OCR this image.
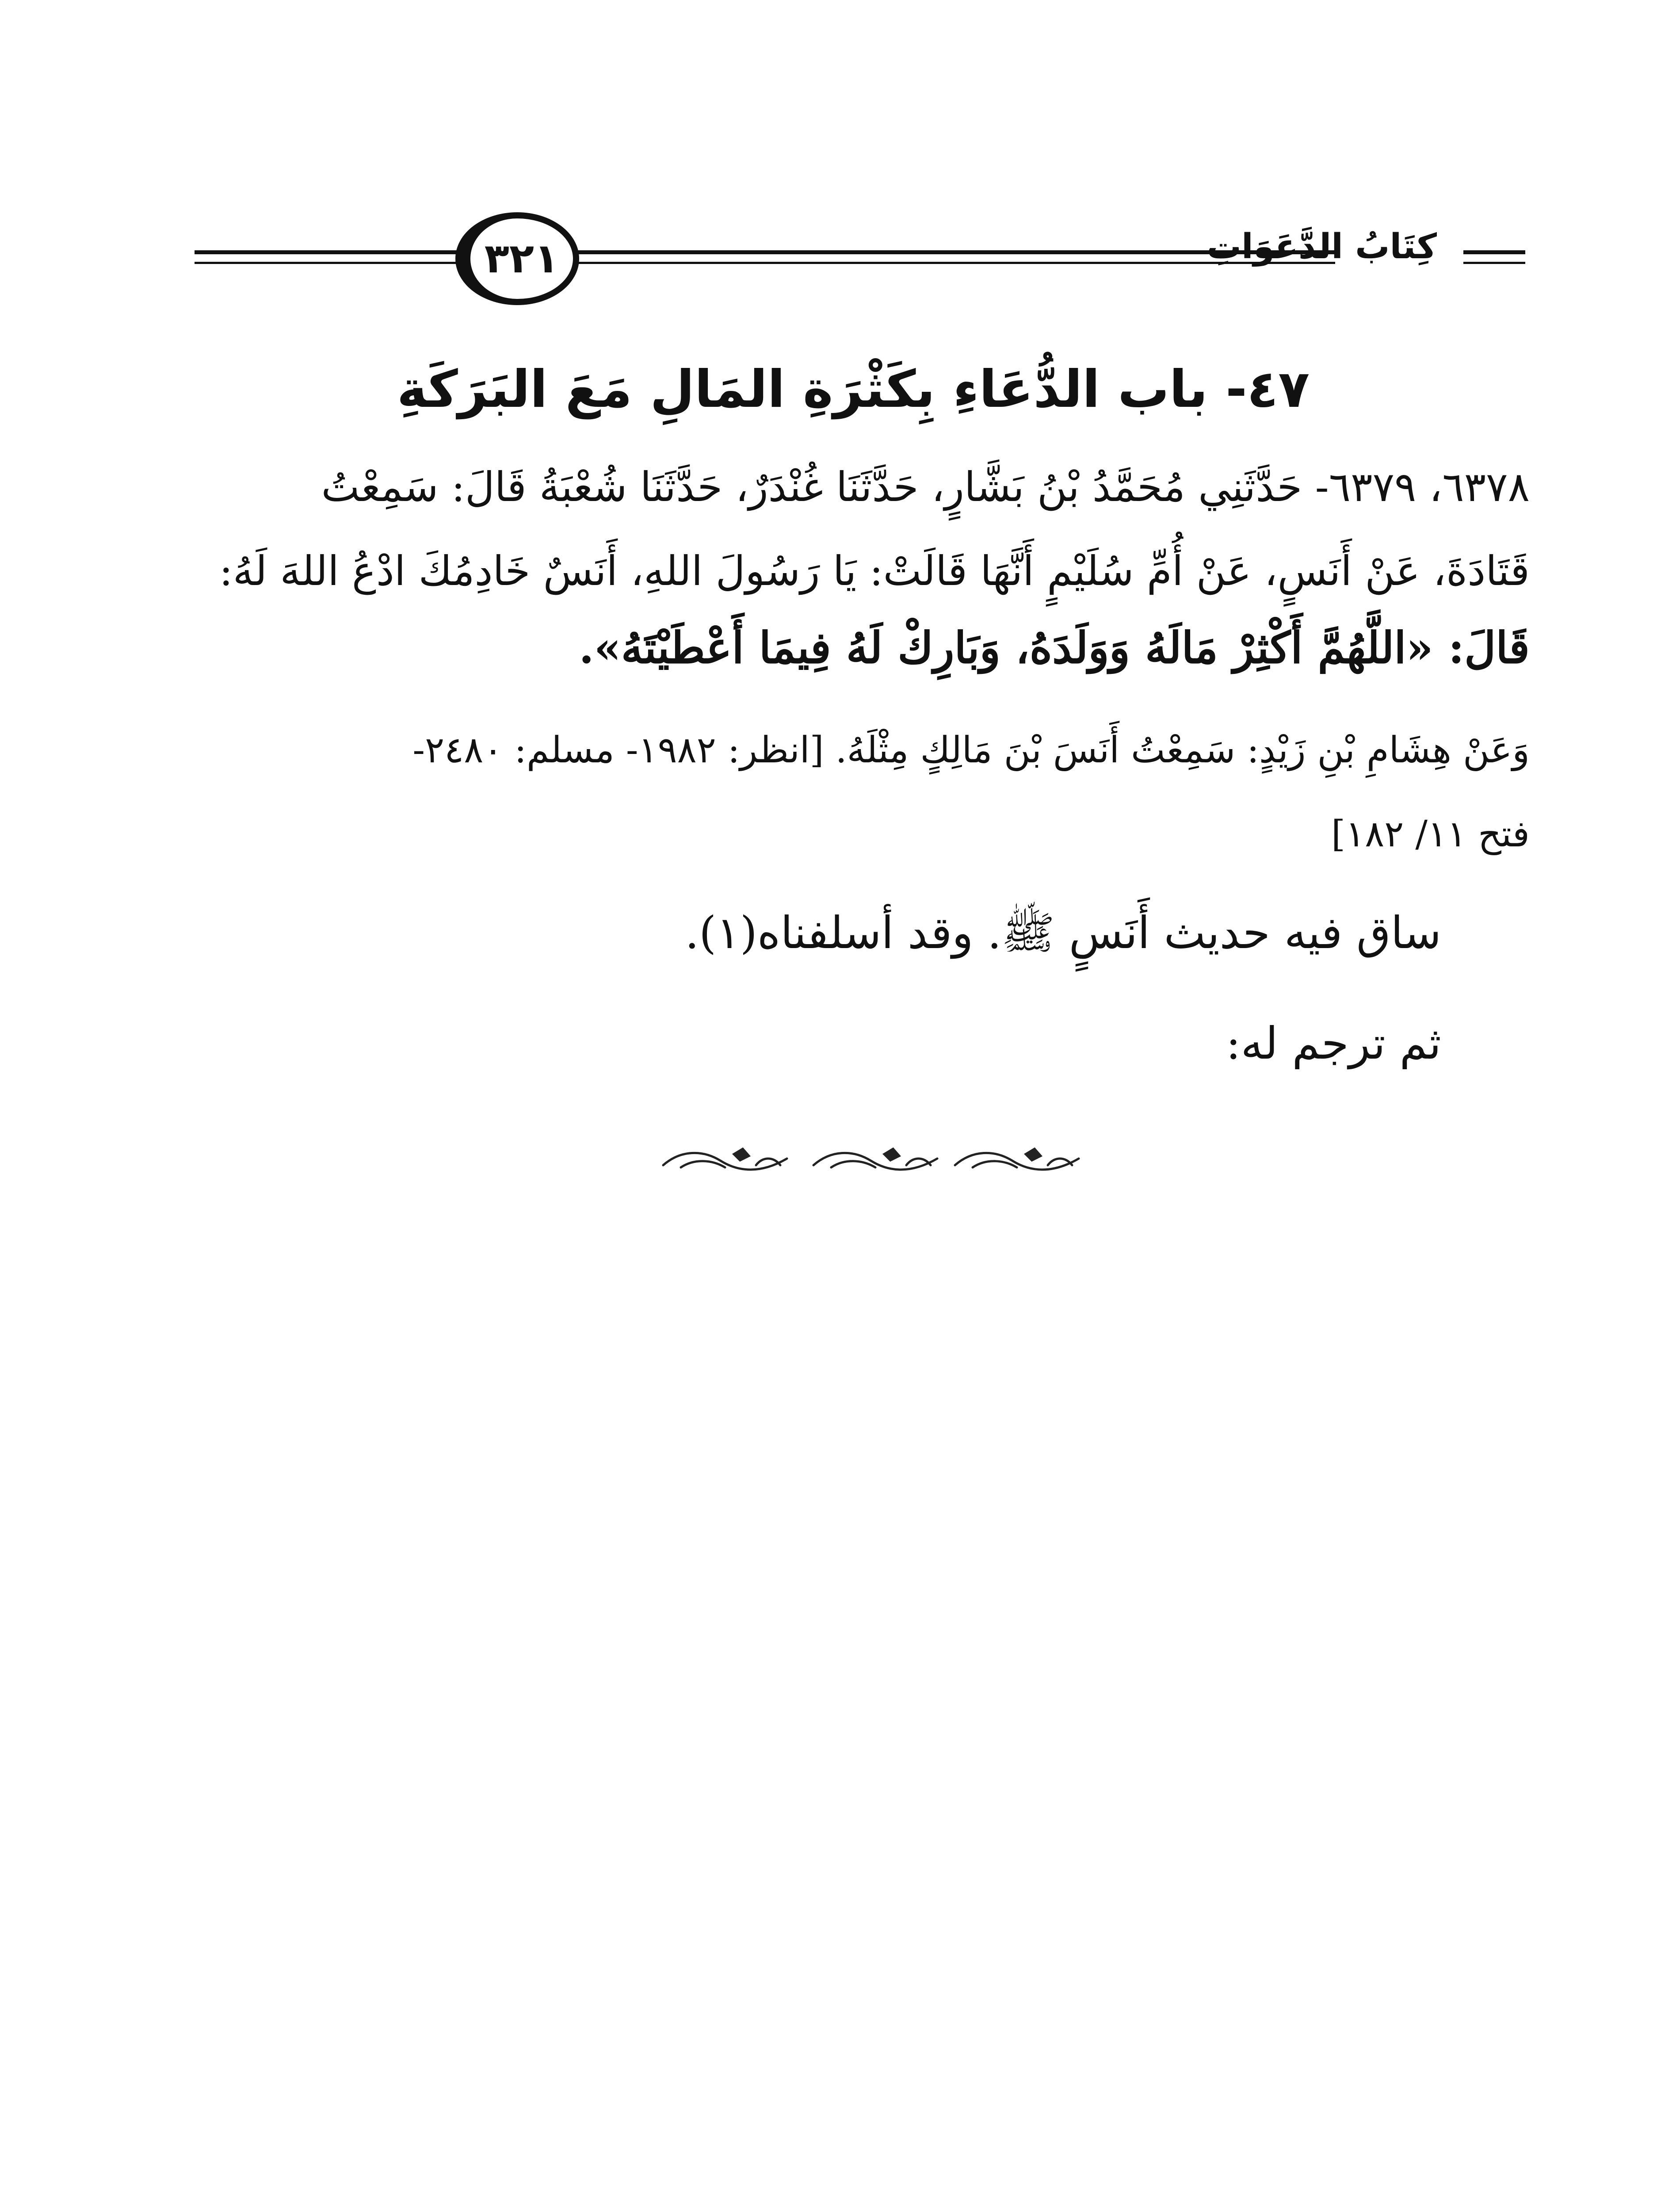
٣٢١	كِتَابُ الدَّعَوَاتِ
٤٧- باب الدُّعَاءِ بِكَثْرَةِ المَالِ مَعَ البَرَكَةِ
٦٣٧٨، ٦٣٧٩- حَدَّثَنِي مُحَمَّدُ بْنُ بَشَّارٍ، حَدَّثَنَا غُنْدَرٌ، حَدَّثَنَا شُعْبَةُ قَالَ: سَمِعْتُ
قَتَادَةَ، عَنْ أَنَسٍ، عَنْ أُمِّ سُلَيْمٍ أَنَّهَا قَالَتْ: يَا رَسُولَ اللهِ، أَنَسٌ خَادِمُكَ ادْعُ اللهَ لَهُ:
قَالَ: «اللَّهُمَّ أَكْثِرْ مَالَهُ وَوَلَدَهُ، وَبَارِكْ لَهُ فِيمَا أَعْطَيْتَهُ».
وَعَنْ هِشَامِ بْنِ زَيْدٍ: سَمِعْتُ أَنَسَ بْنَ مَالِكٍ مِثْلَهُ. [انظر: ١٩٨٢- مسلم: ٢٤٨٠-
فتح ١١/ ١٨٢]
ساق فيه حديث أَنَسٍ ﷺ. وقد أسلفناه(١).
ثم ترجم له:
